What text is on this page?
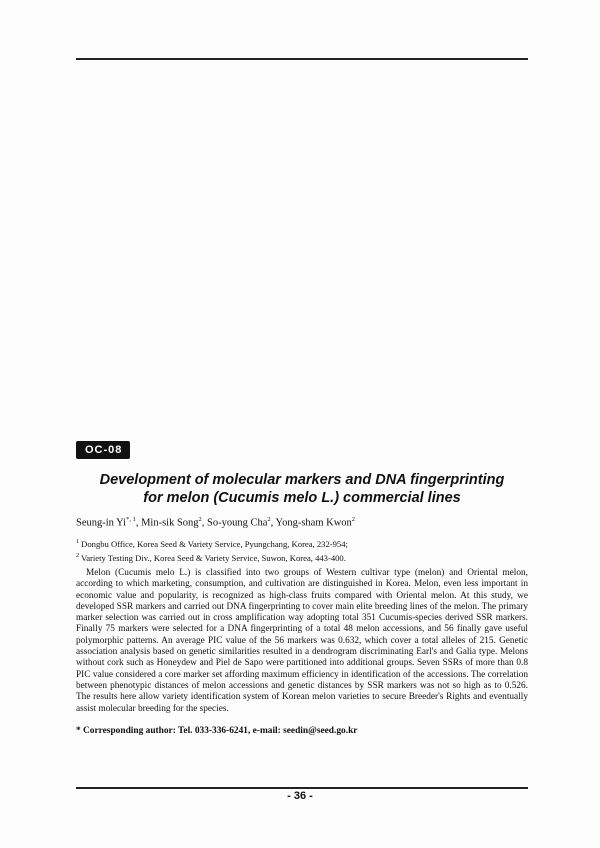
OC-08
Development of molecular markers and DNA fingerprinting
for melon (Cucumis melo L.) commercial lines
Seung-in $Yi^{*, 1}$, Min-sik Song$^2$, So-young Cha$^2$, Yong-sham Kwon$^2$
$^1$ Dongbu Office, Korea Seed & Variety Service, Pyungchang, Korea, 232-954;
$^2$ Variety Testing Div., Korea Seed & Variety Service, Suwon, Korea, 443-400.

Melon (Cucumis melo L.) is classified into two groups of Western cultivar type (melon) and Oriental melon, according to which marketing, consumption, and cultivation are distinguished in Korea. Melon, even less important in economic value and popularity, is recognized as high-class fruits compared with Oriental melon. At this study, we developed SSR markers and carried out DNA fingerprinting to cover main elite breeding lines of the melon. The primary marker selection was carried out in cross amplification way adopting total 351 Cucumis-species derived SSR markers. Finally 75 markers were selected for a DNA fingerprinting of a total 48 melon accessions, and 56 finally gave useful polymorphic patterns. An average PIC value of the 56 markers was 0.632, which cover a total alleles of 215. Genetic association analysis based on genetic similarities resulted in a dendrogram discriminating Earl's and Galia type. Melons without cork such as Honeydew and Piel de Sapo were partitioned into additional groups. Seven SSRs of more than 0.8 PIC value considered a core marker set affording maximum efficiency in identification of the accessions. The correlation between phenotypic distances of melon accessions and genetic distances by SSR markers was not so high as to 0.526. The results here allow variety identification system of Korean melon varieties to secure Breeder's Rights and eventually assist molecular breeding for the species.

* Corresponding author: Tel. 033-336-6241, e-mail: seedin@seed.go.kr
- 36 -
